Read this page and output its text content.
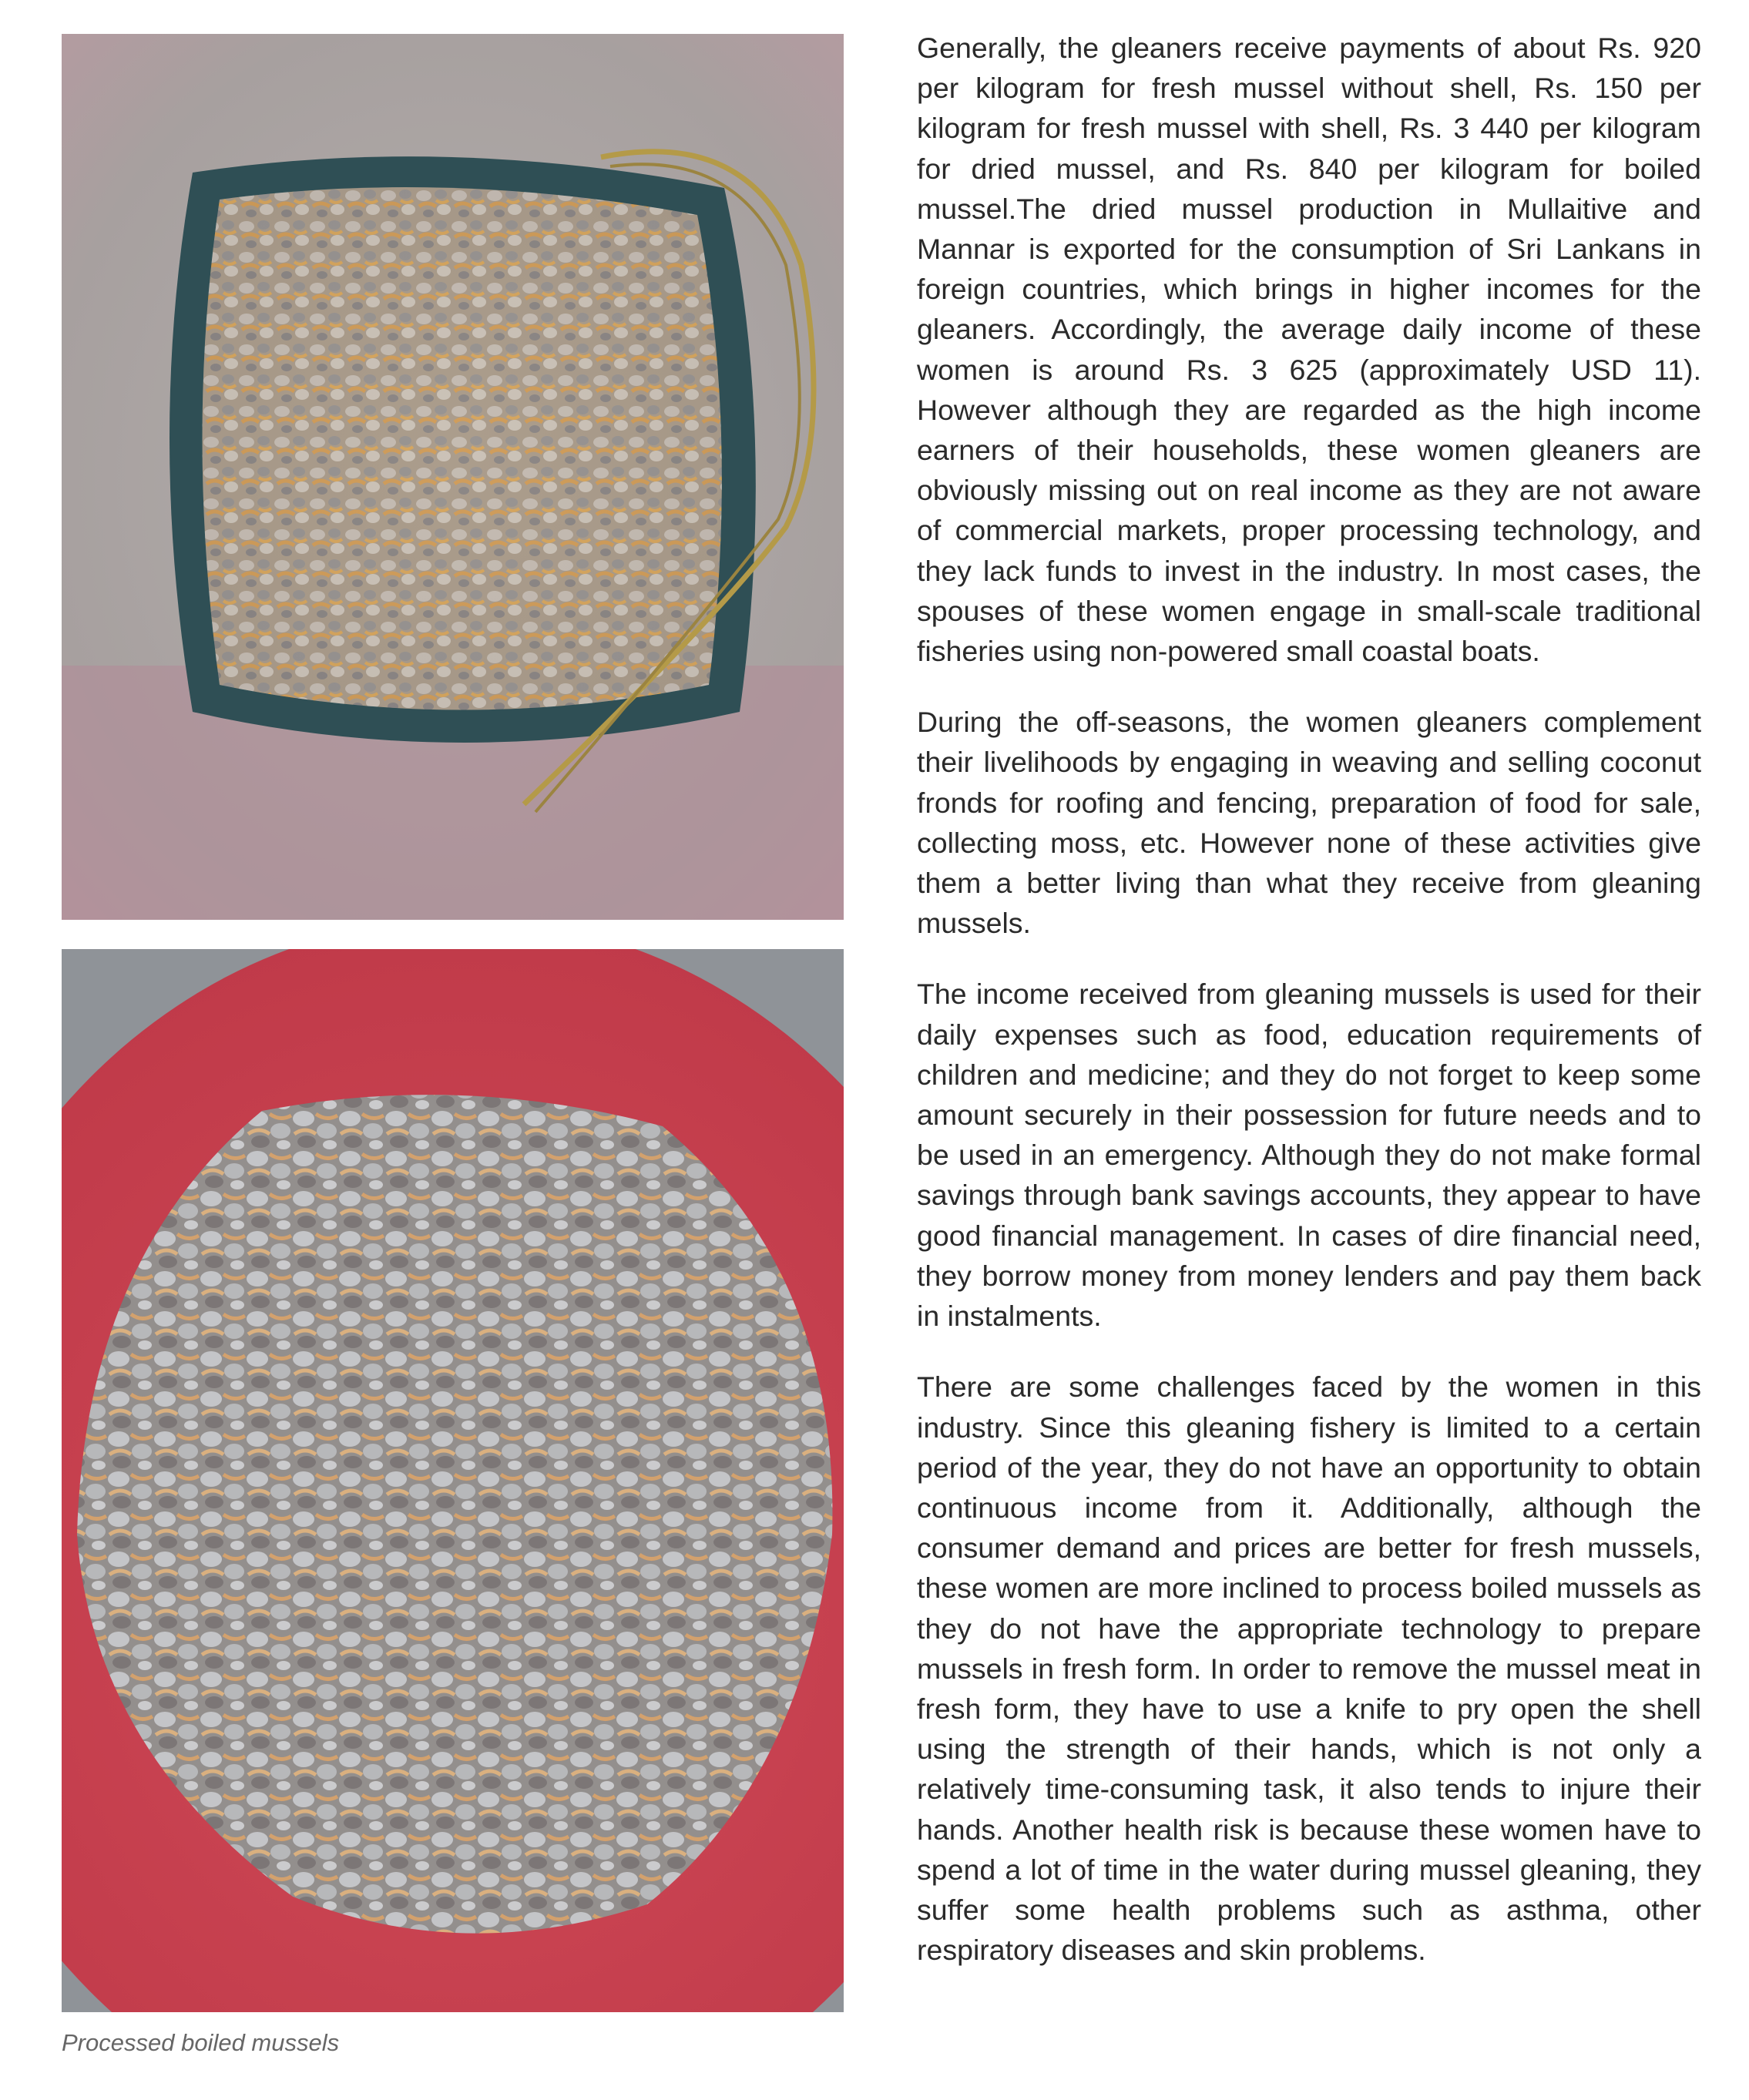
Processed boiled mussels

Generally, the gleaners receive payments of about Rs. 920 per kilogram for fresh mussel without shell, Rs. 150 per kilogram for fresh mussel with shell, Rs. 3 440 per kilogram for dried mussel, and Rs. 840 per kilogram for boiled mussel.The dried mussel production in Mullaitive and Mannar is exported for the consumption of Sri Lankans in foreign countries, which brings in higher incomes for the gleaners. Accordingly, the average daily income of these women is around Rs. 3 625 (approximately USD 11). However although they are regarded as the high income earners of their households, these women gleaners are obviously missing out on real income as they are not aware of commercial markets, proper processing technology, and they lack funds to invest in the industry. In most cases, the spouses of these women engage in small-scale traditional fisheries using non-powered small coastal boats.

During the off-seasons, the women gleaners complement their livelihoods by engaging in weaving and selling coconut fronds for roofing and fencing, preparation of food for sale, collecting moss, etc. However none of these activities give them a better living than what they receive from gleaning mussels.

The income received from gleaning mussels is used for their daily expenses such as food, education requirements of children and medicine; and they do not forget to keep some amount securely in their possession for future needs and to be used in an emergency. Although they do not make formal savings through bank savings accounts, they appear to have good financial management. In cases of dire financial need, they borrow money from money lenders and pay them back in instalments.

There are some challenges faced by the women in this industry. Since this gleaning fishery is limited to a certain period of the year, they do not have an opportunity to obtain continuous income from it. Additionally, although the consumer demand and prices are better for fresh mussels, these women are more inclined to process boiled mussels as they do not have the appropriate technology to prepare mussels in fresh form. In order to remove the mussel meat in fresh form, they have to use a knife to pry open the shell using the strength of their hands, which is not only a relatively time-consuming task, it also tends to injure their hands. Another health risk is because these women have to spend a lot of time in the water during mussel gleaning, they suffer some health problems such as asthma, other respiratory diseases and skin problems.
